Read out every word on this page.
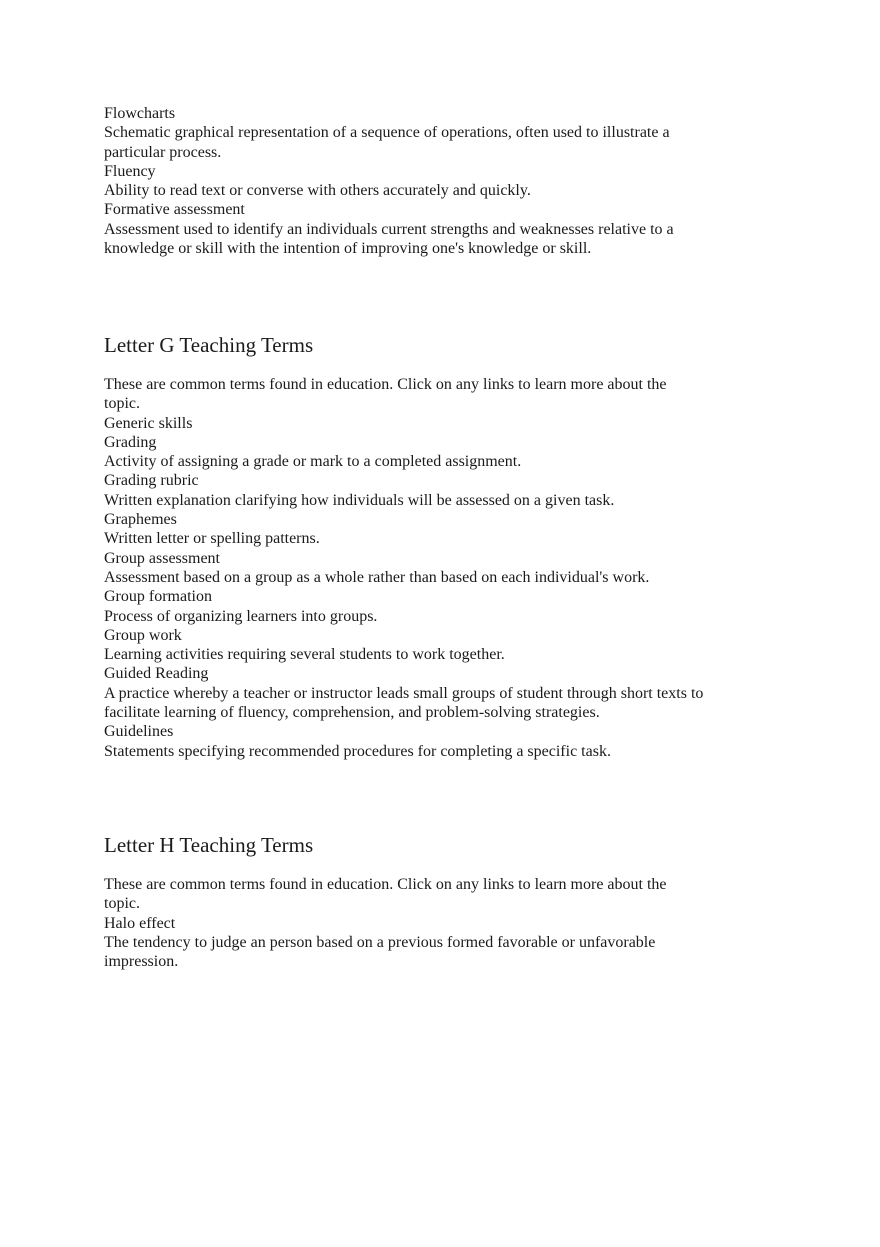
Flowcharts
Schematic graphical representation of a sequence of operations, often used to illustrate a particular process.
Fluency
Ability to read text or converse with others accurately and quickly.
Formative assessment
Assessment used to identify an individuals current strengths and weaknesses relative to a knowledge or skill with the intention of improving one's knowledge or skill.
Letter G Teaching Terms
These are common terms found in education. Click on any links to learn more about the topic.
Generic skills
Grading
Activity of assigning a grade or mark to a completed assignment.
Grading rubric
Written explanation clarifying how individuals will be assessed on a given task.
Graphemes
Written letter or spelling patterns.
Group assessment
Assessment based on a group as a whole rather than based on each individual's work.
Group formation
Process of organizing learners into groups.
Group work
Learning activities requiring several students to work together.
Guided Reading
A practice whereby a teacher or instructor leads small groups of student through short texts to facilitate learning of fluency, comprehension, and problem-solving strategies.
Guidelines
Statements specifying recommended procedures for completing a specific task.
Letter H Teaching Terms
These are common terms found in education. Click on any links to learn more about the topic.
Halo effect
The tendency to judge an person based on a previous formed favorable or unfavorable impression.
